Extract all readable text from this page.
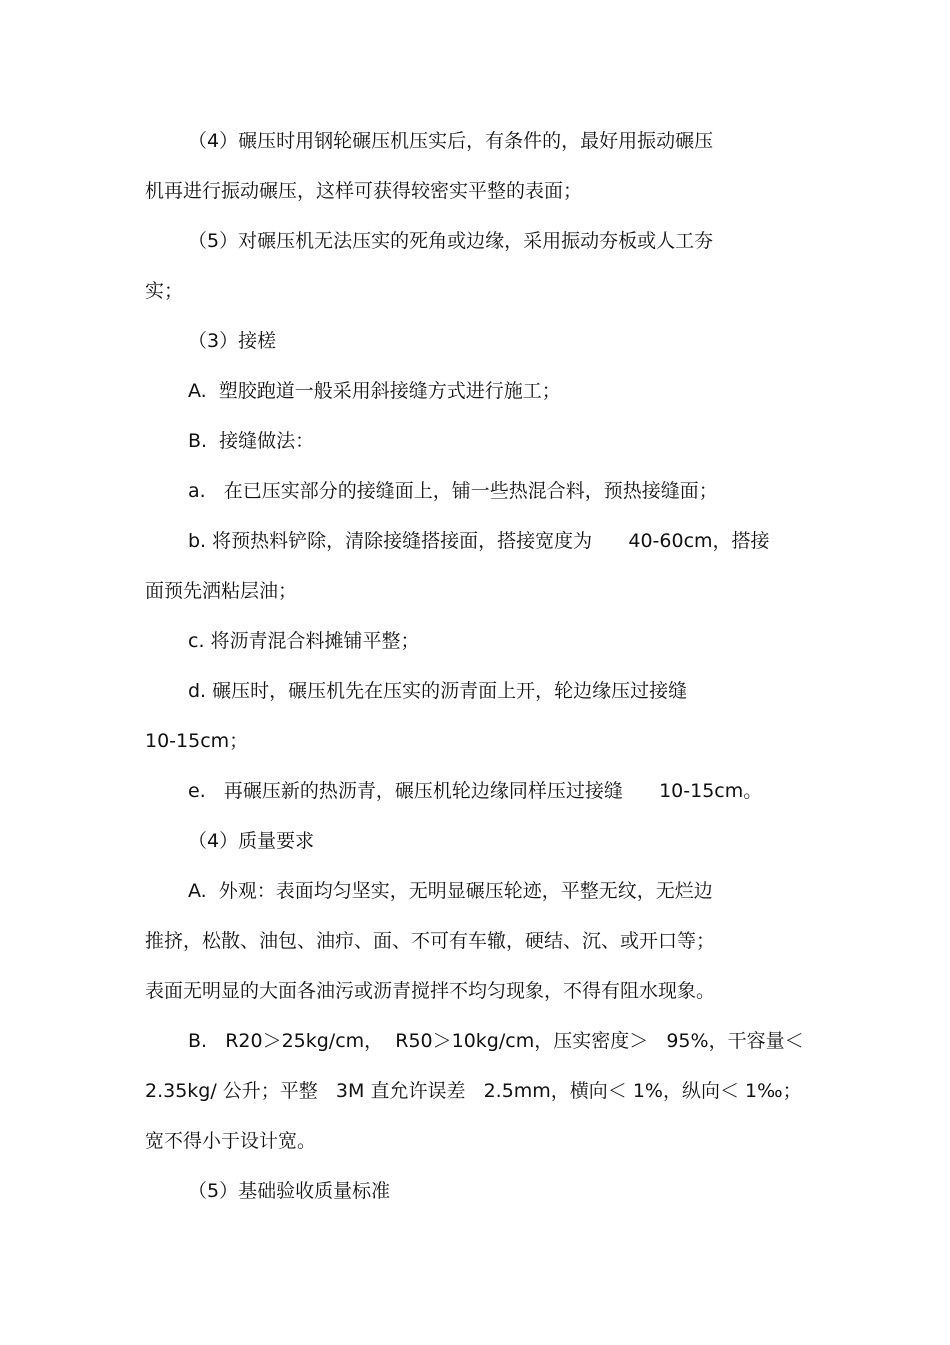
（4）碾压时用钢轮碾压机压实后，有条件的，最好用振动碾压
机再进行振动碾压，这样可获得较密实平整的表面；
（5）对碾压机无法压实的死角或边缘，采用振动夯板或人工夯
实；
（3）接槎
A.  塑胶跑道一般采用斜接缝方式进行施工；
B.  接缝做法：
a.   在已压实部分的接缝面上，铺一些热混合料，预热接缝面；
b. 将预热料铲除，清除接缝搭接面，搭接宽度为      40-60cm，搭接
面预先洒粘层油；
c. 将沥青混合料摊铺平整；
d. 碾压时，碾压机先在压实的沥青面上开，轮边缘压过接缝
10-15cm；
e.   再碾压新的热沥青，碾压机轮边缘同样压过接缝      10-15cm。
（4）质量要求
A.  外观：表面均匀坚实，无明显碾压轮迹，平整无纹，无烂边
推挤，松散、油包、油疖、面、不可有车辙，硬结、沉、或开口等；
表面无明显的大面各油污或沥青搅拌不均匀现象，不得有阻水现象。
B.   R20＞25kg/cm，  R50＞10kg/cm，压实密度＞   95%，干容量＜
2.35kg/ 公升；平整   3M 直允许误差   2.5mm，横向＜ 1%，纵向＜ 1‰；
宽不得小于设计宽。
（5）基础验收质量标准
